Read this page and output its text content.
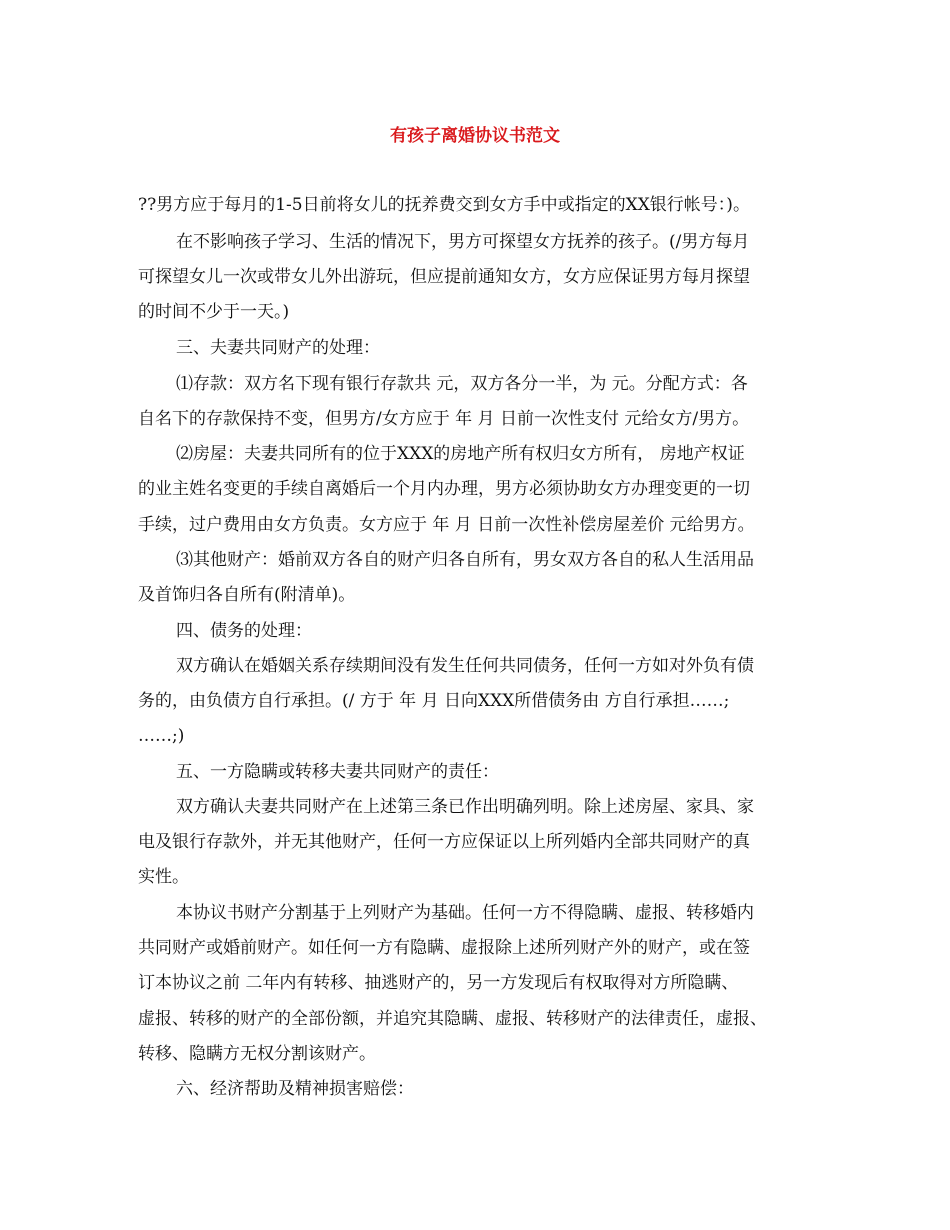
有孩子离婚协议书范文
??男方应于每月的1-5日前将女儿的抚养费交到女方手中或指定的XX银行帐号：)。
在不影响孩子学习、生活的情况下，男方可探望女方抚养的孩子。(/男方每月
可探望女儿一次或带女儿外出游玩，但应提前通知女方，女方应保证男方每月探望
的时间不少于一天。)
三、夫妻共同财产的处理：
⑴存款：双方名下现有银行存款共 元，双方各分一半，为 元。分配方式：各
自名下的存款保持不变，但男方/女方应于 年 月 日前一次性支付 元给女方/男方。
⑵房屋：夫妻共同所有的位于XXX的房地产所有权归女方所有， 房地产权证
的业主姓名变更的手续自离婚后一个月内办理，男方必须协助女方办理变更的一切
手续，过户费用由女方负责。女方应于 年 月 日前一次性补偿房屋差价 元给男方。
⑶其他财产：婚前双方各自的财产归各自所有，男女双方各自的私人生活用品
及首饰归各自所有(附清单)。
四、债务的处理：
双方确认在婚姻关系存续期间没有发生任何共同债务，任何一方如对外负有债
务的，由负债方自行承担。(/ 方于 年 月 日向XXX所借债务由 方自行承担……;
……;)
五、一方隐瞒或转移夫妻共同财产的责任：
双方确认夫妻共同财产在上述第三条已作出明确列明。除上述房屋、家具、家
电及银行存款外，并无其他财产，任何一方应保证以上所列婚内全部共同财产的真
实性。
本协议书财产分割基于上列财产为基础。任何一方不得隐瞒、虚报、转移婚内
共同财产或婚前财产。如任何一方有隐瞒、虚报除上述所列财产外的财产，或在签
订本协议之前 二年内有转移、抽逃财产的，另一方发现后有权取得对方所隐瞒、
虚报、转移的财产的全部份额，并追究其隐瞒、虚报、转移财产的法律责任，虚报、
转移、隐瞒方无权分割该财产。
六、经济帮助及精神损害赔偿：
